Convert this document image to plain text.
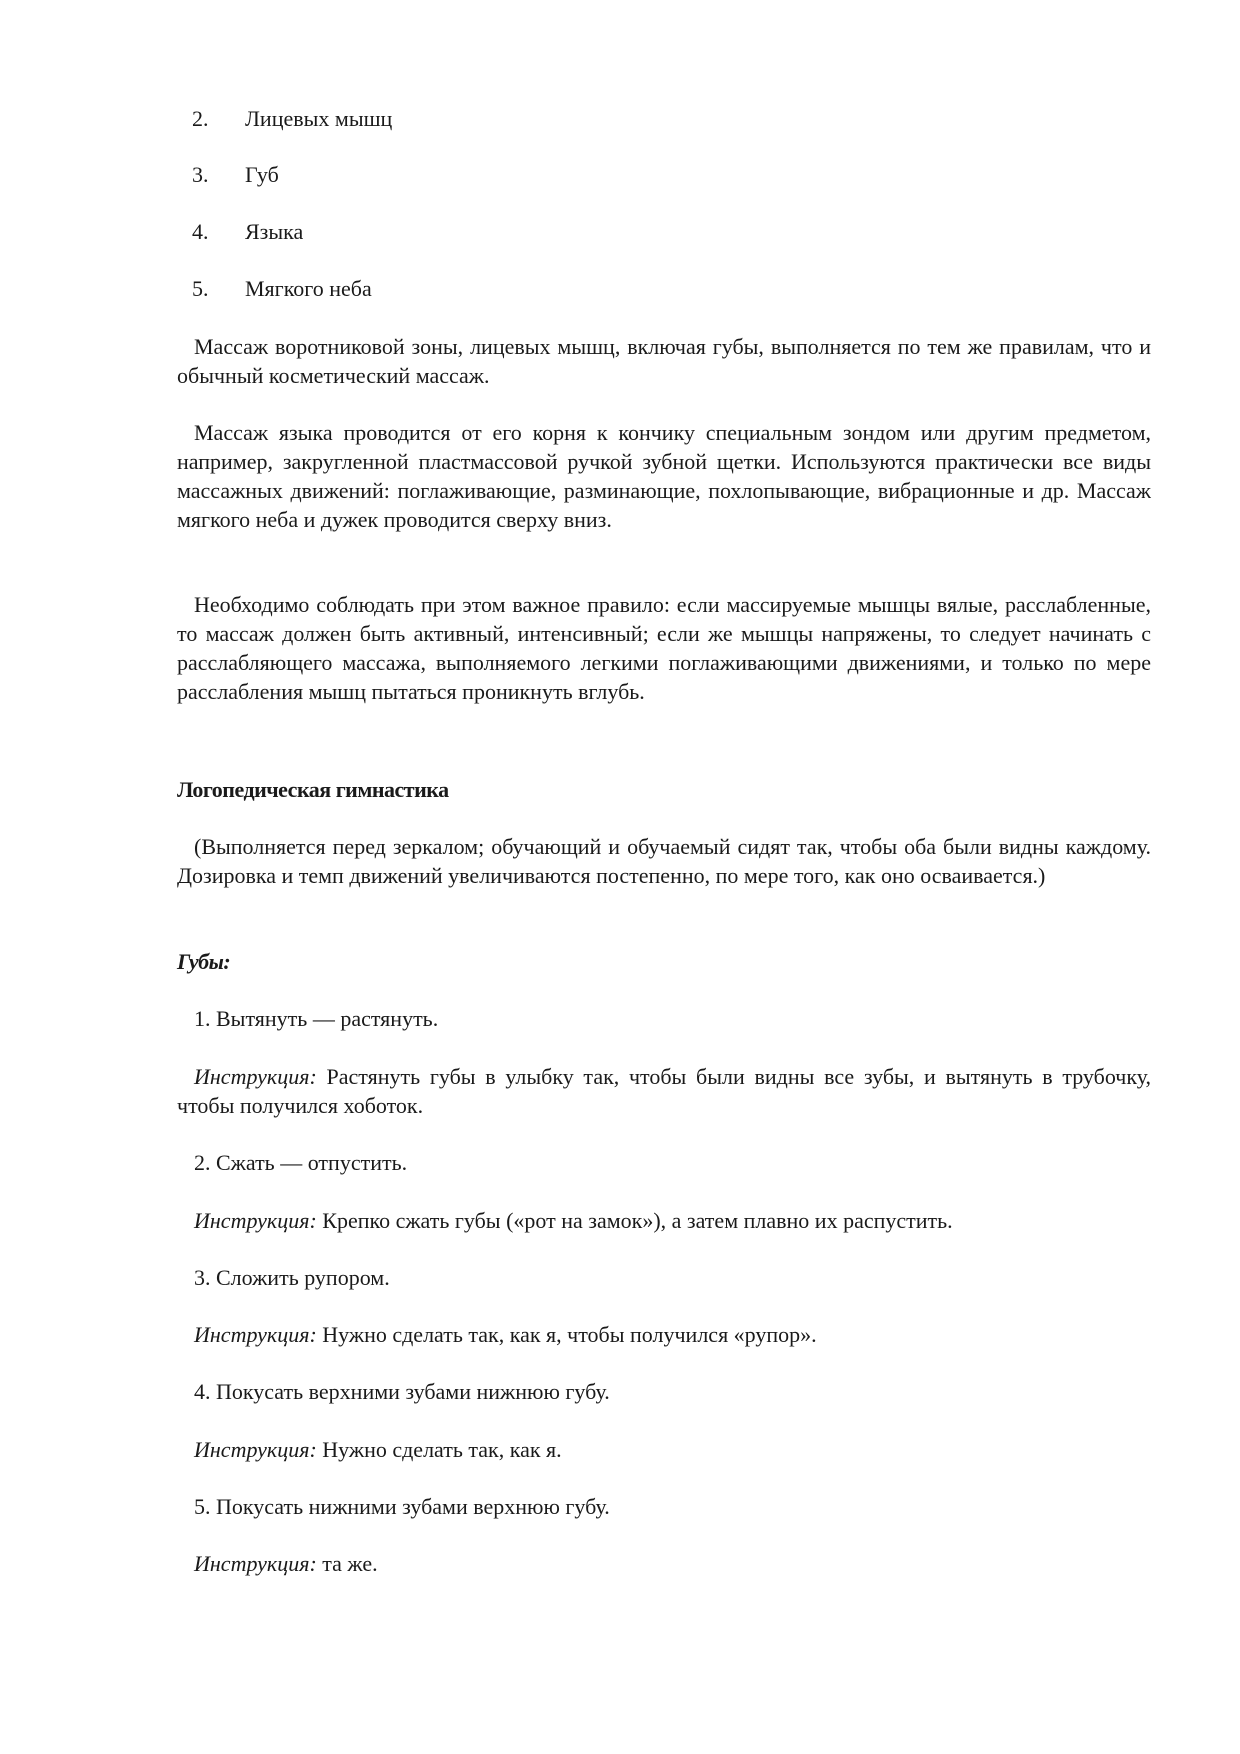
2. Лицевых мышц
3. Губ
4. Языка
5. Мягкого неба

Массаж воротниковой зоны, лицевых мышц, включая губы, выполняется по тем же правилам, что и обычный косметический массаж.

Массаж языка проводится от его корня к кончику специальным зондом или другим предметом, например, закругленной пластмассовой ручкой зубной щетки. Используются практически все виды массажных движений: поглаживающие, разминающие, похлопывающие, вибрационные и др. Массаж мягкого неба и дужек проводится сверху вниз.

Необходимо соблюдать при этом важное правило: если массируемые мышцы вялые, расслабленные, то массаж должен быть активный, интенсивный; если же мышцы напряжены, то следует начинать с расслабляющего массажа, выполняемого легкими поглаживающими движениями, и только по мере расслабления мышц пытаться проникнуть вглубь.

Логопедическая гимнастика

(Выполняется перед зеркалом; обучающий и обучаемый сидят так, чтобы оба были видны каждому. Дозировка и темп движений увеличиваются постепенно, по мере того, как оно осваивается.)

Губы:
1. Вытянуть — растянуть.

Инструкция: Растянуть губы в улыбку так, чтобы были видны все зубы, и вытянуть в трубочку, чтобы получился хоботок.

2. Сжать — отпустить.
Инструкция: Крепко сжать губы («рот на замок»), а затем плавно их распустить.
3. Сложить рупором.
Инструкция: Нужно сделать так, как я, чтобы получился «рупор».
4. Покусать верхними зубами нижнюю губу.
Инструкция: Нужно сделать так, как я.
5. Покусать нижними зубами верхнюю губу.
Инструкция: та же.
